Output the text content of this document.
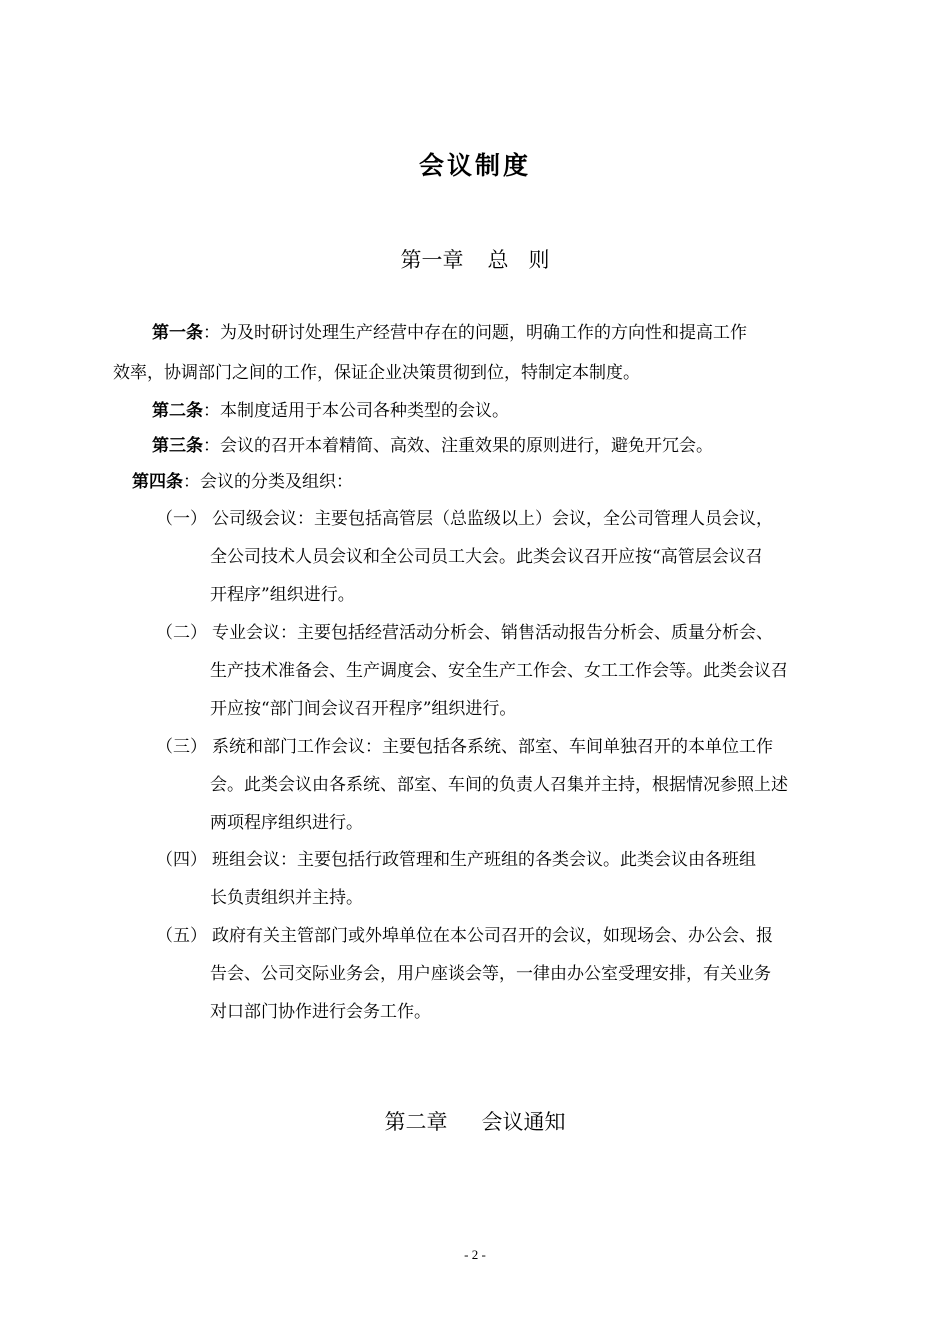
会议制度
第一章 总 则
第一条：为及时研讨处理生产经营中存在的问题，明确工作的方向性和提高工作
效率，协调部门之间的工作，保证企业决策贯彻到位，特制定本制度。
第二条：本制度适用于本公司各种类型的会议。
第三条：会议的召开本着精简、高效、注重效果的原则进行，避免开冗会。
第四条：会议的分类及组织：
（一） 公司级会议：主要包括高管层（总监级以上）会议，全公司管理人员会议，
全公司技术人员会议和全公司员工大会。此类会议召开应按“高管层会议召
开程序”组织进行。
（二） 专业会议：主要包括经营活动分析会、销售活动报告分析会、质量分析会、
生产技术准备会、生产调度会、安全生产工作会、女工工作会等。此类会议召
开应按“部门间会议召开程序”组织进行。
（三） 系统和部门工作会议：主要包括各系统、部室、车间单独召开的本单位工作
会。此类会议由各系统、部室、车间的负责人召集并主持，根据情况参照上述
两项程序组织进行。
（四） 班组会议：主要包括行政管理和生产班组的各类会议。此类会议由各班组
长负责组织并主持。
（五） 政府有关主管部门或外埠单位在本公司召开的会议，如现场会、办公会、报
告会、公司交际业务会，用户座谈会等，一律由办公室受理安排，有关业务
对口部门协作进行会务工作。
第二章 会议通知
- 2 -
